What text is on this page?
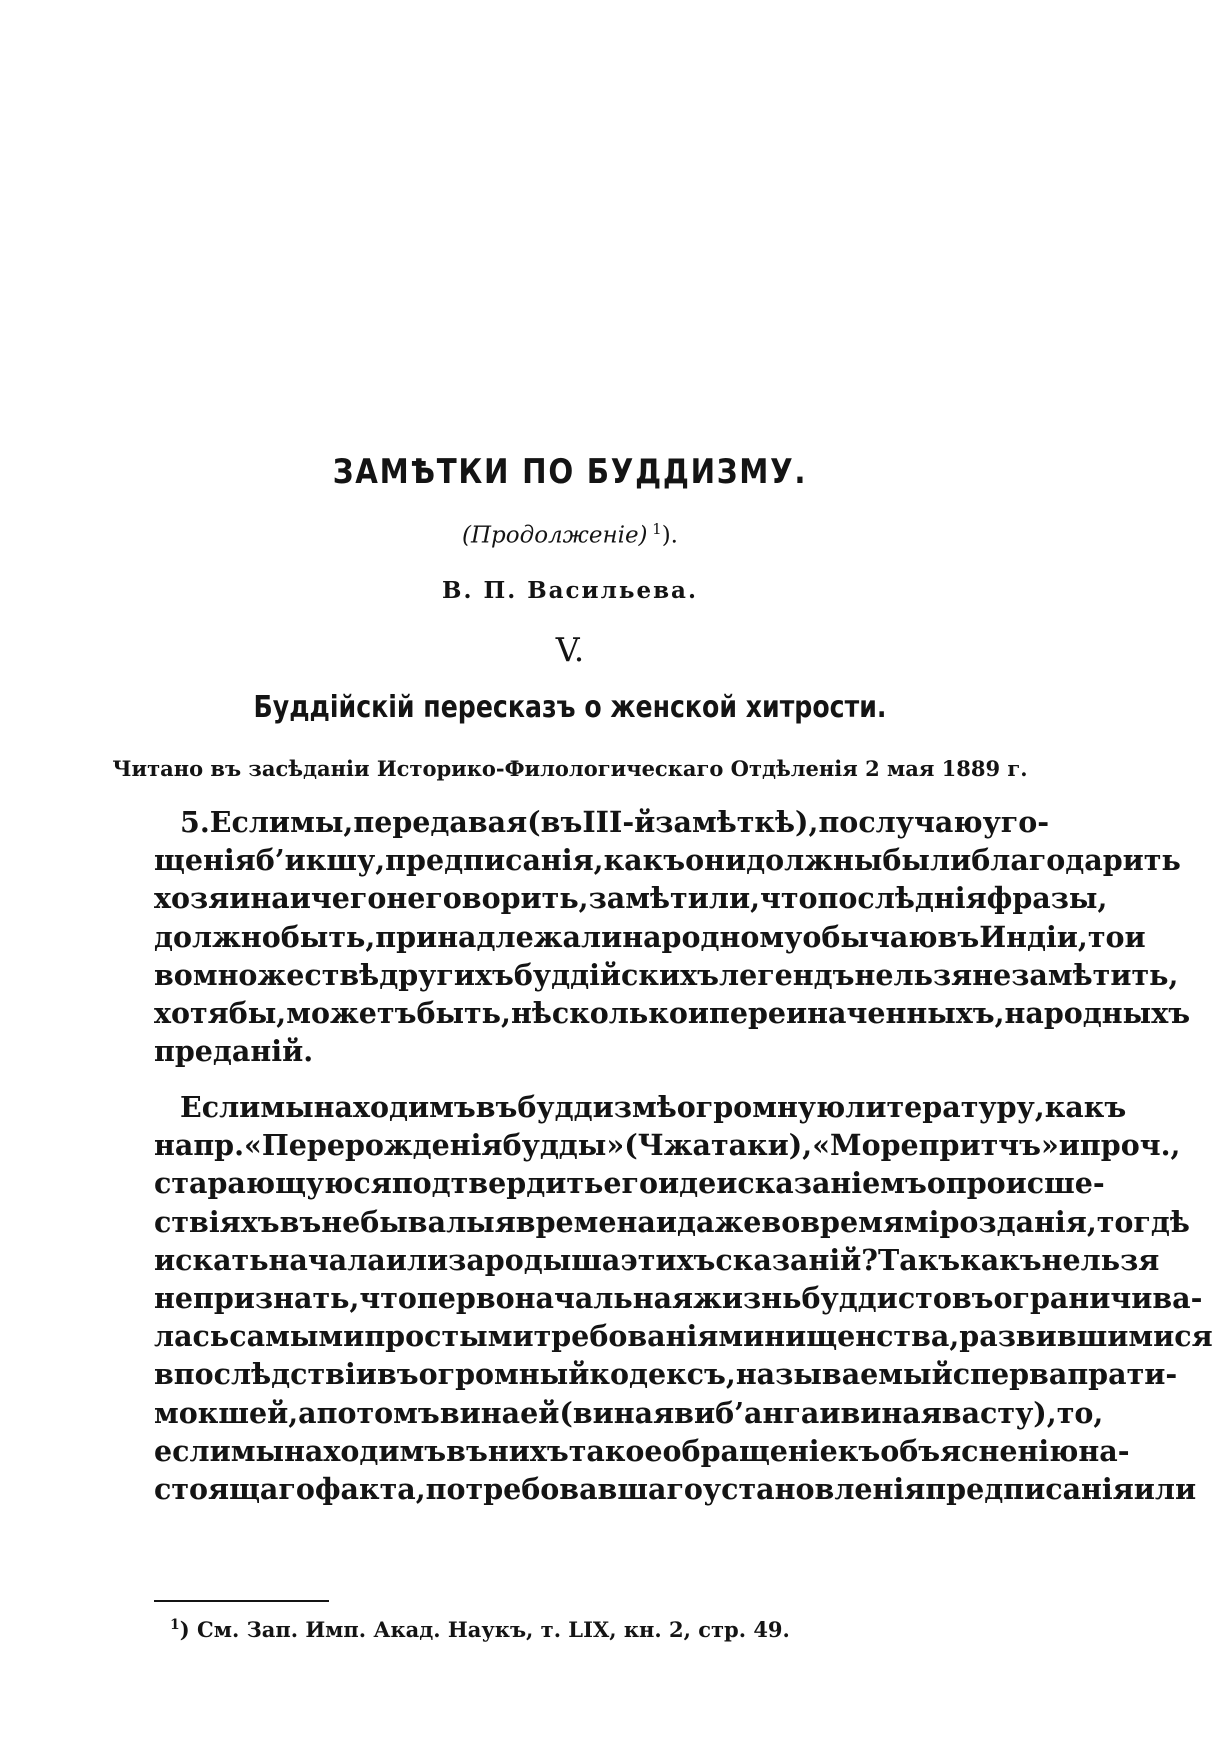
ЗАМѢТКИ ПО БУДДИЗМУ.
(Продолженіе)  $^1$).
В. П. Васильева.
V.
Буддійскій пересказъ о женской хитрости.
Читано въ засѣданіи Историко-Филологическаго Отдѣленія 2 мая 1889 г.
5. Если мы, передавая (въ III-й замѣткѣ), по случаю уго-
щенія б’икшу, предписанія, какъ они должны были благодарить
хозяина и чего не говорить, замѣтили, что послѣднія фразы,
должно быть, принадлежали народному обычаю въ Индіи, то и
во множествѣ другихъ буддійскихъ легендъ нельзя не замѣтить,
хотя бы, можетъ быть, нѣсколько и переиначенныхъ, народныхъ
преданій.
Если мы находимъ въ буддизмѣ огромную литературу, какъ
напр. «Перерожденія будды» (Чжатаки), «Море притчъ» и проч.,
старающуюся подтвердить его идеи сказаніемъ о происше-
ствіяхъ въ небывалыя времена и даже во время мірозданія, то гдѣ
искать начала или зародыша этихъ сказаній? Такъ какъ нельзя
не признать, что первоначальная жизнь буддистовъ ограничива-
лась самыми простыми требованіями нищенства, развившимися
впослѣдствіи въ огромный кодексъ, называемый сперва прати-
мокшей, а потомъ винаей (виная виб’анга и виная васту), то,
если мы находимъ въ нихъ такое обращеніе къ объясненію на-
стоящаго факта, потребовавшаго установленія предписанія или
$^1$) См. Зап. Имп. Акад. Наукъ, т. LIX, кн. 2, стр. 49.
